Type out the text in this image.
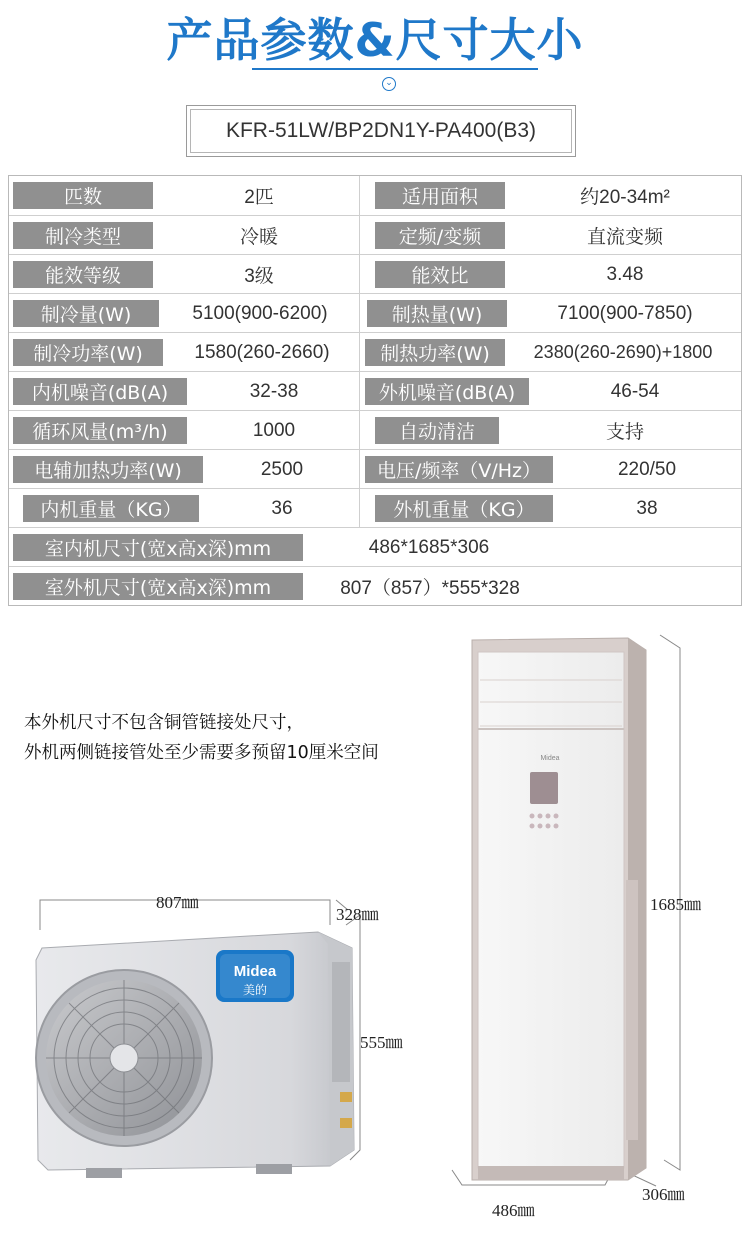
产品参数&尺寸大小
⌄
KFR-51LW/BP2DN1Y-PA400(B3)
匹数	2匹	适用面积	约20-34m²
制冷类型	冷暖	定频/变频	直流变频
能效等级	3级	能效比	3.48
制冷量(W)	5100(900-6200)	制热量(W)	7100(900-7850)
制冷功率(W)	1580(260-2660)	制热功率(W)	2380(260-2690)+1800
内机噪音(dB(A)	32-38	外机噪音(dB(A)	46-54
循环风量(m³/h)	1000	自动清洁	支持
电辅加热功率(W)	2500	电压/频率（V/Hz）	220/50
内机重量（KG）	36	外机重量（KG）	38
室内机尺寸(宽x高x深)mm	486*1685*306
室外机尺寸(宽x高x深)mm	807（857）*555*328
本外机尺寸不包含铜管链接处尺寸，
外机两侧链接管处至少需要多预留10厘米空间
Midea
美的
Midea
807㎜
328㎜
555㎜
1685㎜
486㎜
306㎜
